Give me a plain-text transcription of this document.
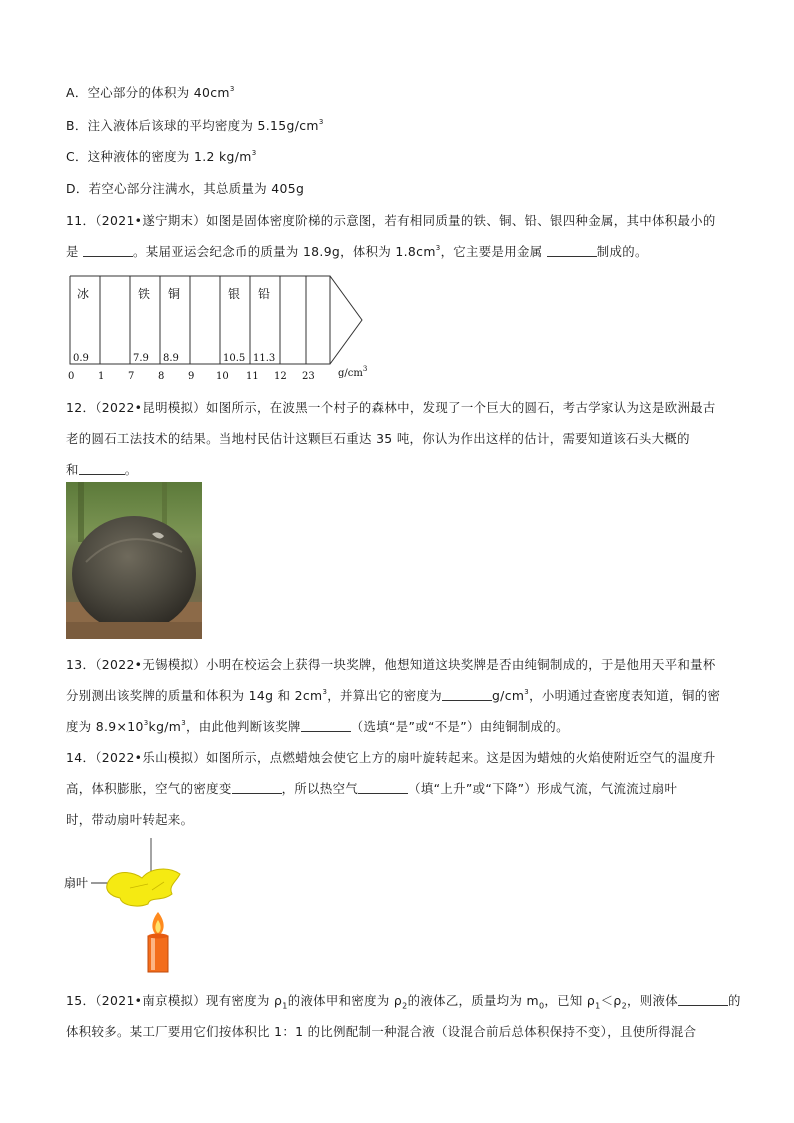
A．空心部分的体积为 $40cm^3$
B．注入液体后该球的平均密度为 $5.15g/cm^3$
C．这种液体的密度为 1.2 $kg/m^3$
D．若空心部分注满水，其总质量为 405g
11．（2021•遂宁期末）如图是固体密度阶梯的示意图，若有相同质量的铁、铜、铅、银四种金属，其中体积最小的
是	。某届亚运会纪念币的质量为 18.9g，体积为 $1.8cm^3$，它主要是用金属	制成的。
冰	铁 铜	银 铅
0.9	7.9 8.9	10.5 11.3
0 1 7 8 9 10 11 12 23 $g/cm^3$
12．（2022•昆明模拟）如图所示，在波黑一个村子的森林中，发现了一个巨大的圆石，考古学家认为这是欧洲最古
老的圆石工法技术的结果。当地村民估计这颗巨石重达 35 吨，你认为作出这样的估计，需要知道该石头大概的
和	。
13．（2022•无锡模拟）小明在校运会上获得一块奖牌，他想知道这块奖牌是否由纯铜制成的，于是他用天平和量杯
分别测出该奖牌的质量和体积为 14g 和 $2cm^3$，并算出它的密度为	$g/cm^3$，小明通过查密度表知道，铜的密
度为 $8.9\times 10^3kg/m^3$，由此他判断该奖牌	（选填“是”或“不是”）由纯铜制成的。
14．（2022•乐山模拟）如图所示，点燃蜡烛会使它上方的扇叶旋转起来。这是因为蜡烛的火焰使附近空气的温度升
高，体积膨胀，空气的密度变	，所以热空气	（填“上升”或“下降”）形成气流，气流流过扇叶
时，带动扇叶转起来。
扇叶
15．（2021•南京模拟）现有密度为 $\rho_1$的液体甲和密度为 $\rho_2$的液体乙，质量均为 $m_0$，已知 $\rho_1<\rho_2$，则液体	的
体积较多。某工厂要用它们按体积比 1：1 的比例配制一种混合液（设混合前后总体积保持不变），且使所得混合
